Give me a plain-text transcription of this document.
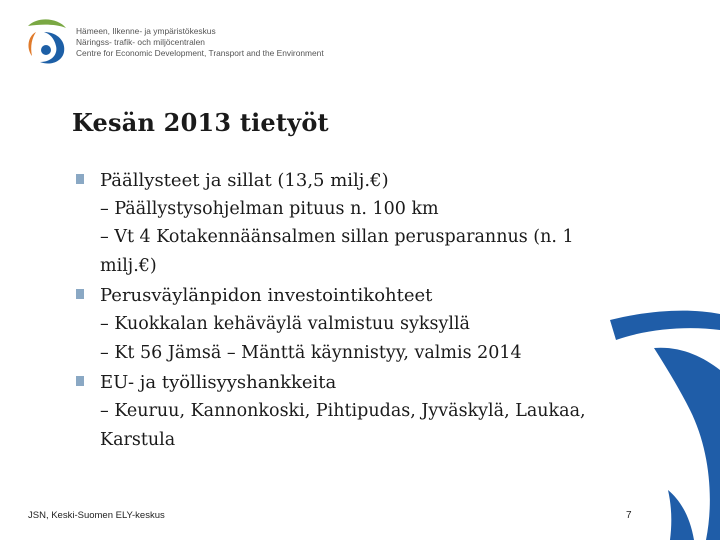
Hämeen, Ilkenne- ja ympäristökeskus
Näringss- trafik- och miljöcentralen
Centre for Economic Development, Transport and the Environment
Kesän 2013 tietyöt
Päällysteet ja sillat (13,5 milj.€)
– Päällystysohjelman pituus n. 100 km
– Vt 4 Kotakennäänsalmen sillan perusparannus (n. 1 milj.€)
Perusväylänpidon investointikohteet
– Kuokkalan kehäväylä valmistuu syksyllä
– Kt 56 Jämsä – Mänttä käynnistyy, valmis 2014
EU- ja työllisyyshankkeita
– Keuruu, Kannonkoski, Pihtipudas, Jyväskylä, Laukaa, Karstula
JSN, Keski-Suomen ELY-keskus	7
